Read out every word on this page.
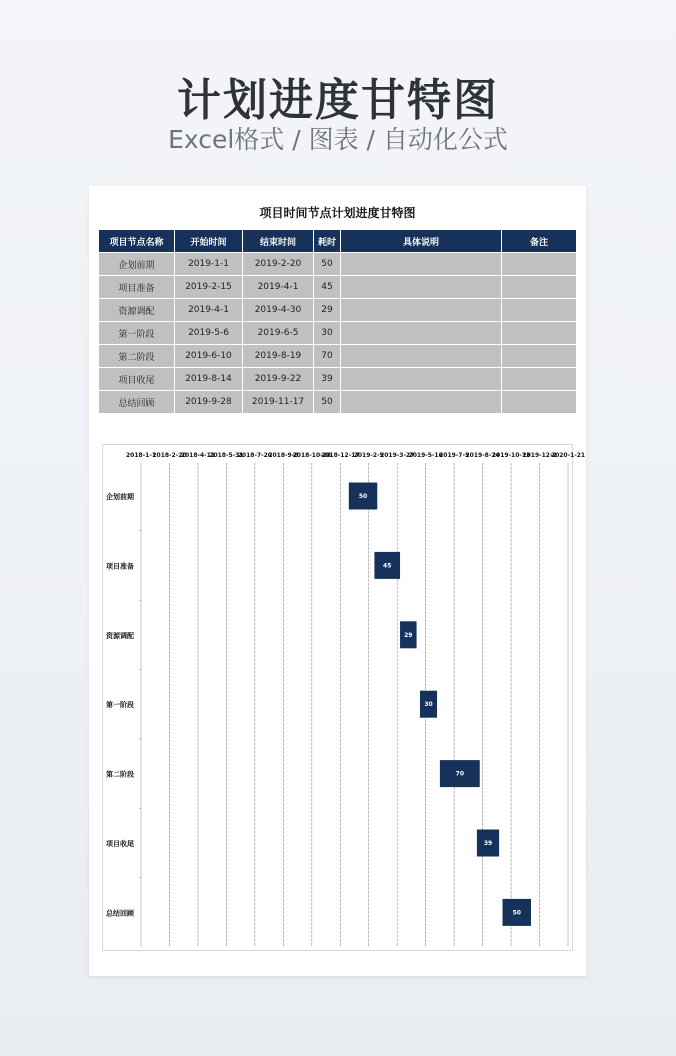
计划进度甘特图
Excel格式 / 图表 / 自动化公式
项目时间节点计划进度甘特图
项目节点名称	开始时间	结束时间	耗时	具体说明	备注
企划前期	2019-1-1	2019-2-20	50		
项目准备	2019-2-15	2019-4-1	45		
资源调配	2019-4-1	2019-4-30	29		
第一阶段	2019-5-6	2019-6-5	30		
第二阶段	2019-6-10	2019-8-19	70		
项目收尾	2019-8-14	2019-9-22	39		
总结回顾	2019-9-28	2019-11-17	50		
2018-1-1
2018-2-20
2018-4-11
2018-5-31
2018-7-20
2018-9-8
2018-10-28
2018-12-17
2019-2-5
2019-3-27
2019-5-16
2019-7-5
2019-8-24
2019-10-13
2019-12-2
2020-1-21
企划前期	50
项目准备	45
资源调配	29
第一阶段	30
第二阶段	70
项目收尾	39
总结回顾	50
